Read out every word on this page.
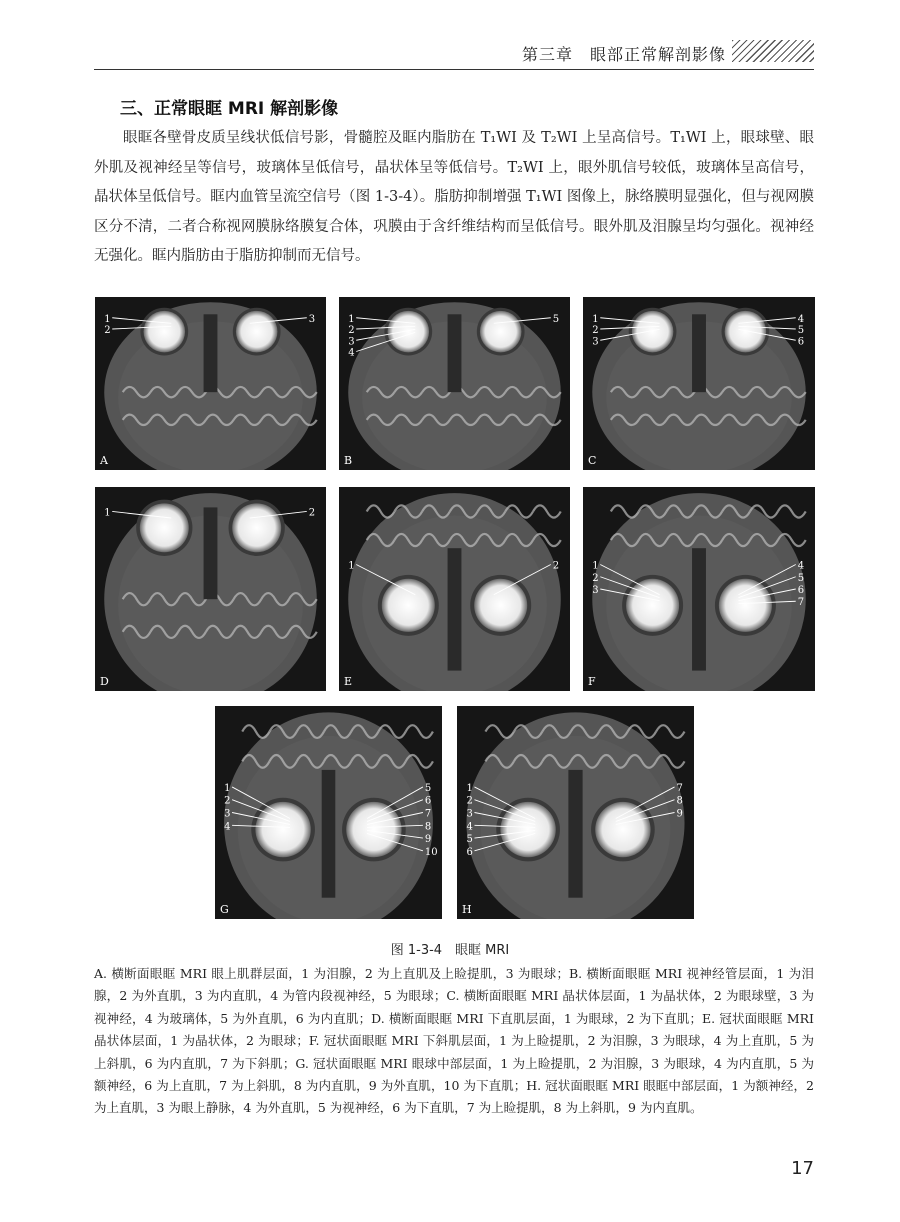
第三章　眼部正常解剖影像
三、正常眼眶 MRI 解剖影像

眼眶各壁骨皮质呈线状低信号影，骨髓腔及眶内脂肪在 T₁WI 及 T₂WI 上呈高信号。T₁WI 上，眼球壁、眼外肌及视神经呈等信号，玻璃体呈低信号，晶状体呈等低信号。T₂WI 上，眼外肌信号较低，玻璃体呈高信号，晶状体呈低信号。眶内血管呈流空信号（图 1-3-4）。脂肪抑制增强 T₁WI 图像上，脉络膜明显强化，但与视网膜区分不清，二者合称视网膜脉络膜复合体，巩膜由于含纤维结构而呈低信号。眼外肌及泪腺呈均匀强化。视神经无强化。眶内脂肪由于脂肪抑制而无信号。

1
2
3
A
1
2
3
4
5
B
1
2
3
4
5
6
C
1	2
D
1	2
E
1
2
3
4
5
6
7
F
1
2
3
4
5
6
7
8
9
10
G
1
2
3
4
5
6
7
8
9
H
图 1-3-4　眼眶 MRI
A. 横断面眼眶 MRI 眼上肌群层面，1 为泪腺，2 为上直肌及上睑提肌，3 为眼球；B. 横断面眼眶 MRI 视神经管层面，1 为泪腺，2 为外直肌，3 为内直肌，4 为管内段视神经，5 为眼球；C. 横断面眼眶 MRI 晶状体层面，1 为晶状体，2 为眼球壁，3 为视神经，4 为玻璃体，5 为外直肌，6 为内直肌；D. 横断面眼眶 MRI 下直肌层面，1 为眼球，2 为下直肌；E. 冠状面眼眶 MRI 晶状体层面，1 为晶状体，2 为眼球；F. 冠状面眼眶 MRI 下斜肌层面，1 为上睑提肌，2 为泪腺，3 为眼球，4 为上直肌，5 为上斜肌，6 为内直肌，7 为下斜肌；G. 冠状面眼眶 MRI 眼球中部层面，1 为上睑提肌，2 为泪腺，3 为眼球，4 为内直肌，5 为额神经，6 为上直肌，7 为上斜肌，8 为内直肌，9 为外直肌，10 为下直肌；H. 冠状面眼眶 MRI 眼眶中部层面，1 为额神经，2 为上直肌，3 为眼上静脉，4 为外直肌，5 为视神经，6 为下直肌，7 为上睑提肌，8 为上斜肌，9 为内直肌。
17
